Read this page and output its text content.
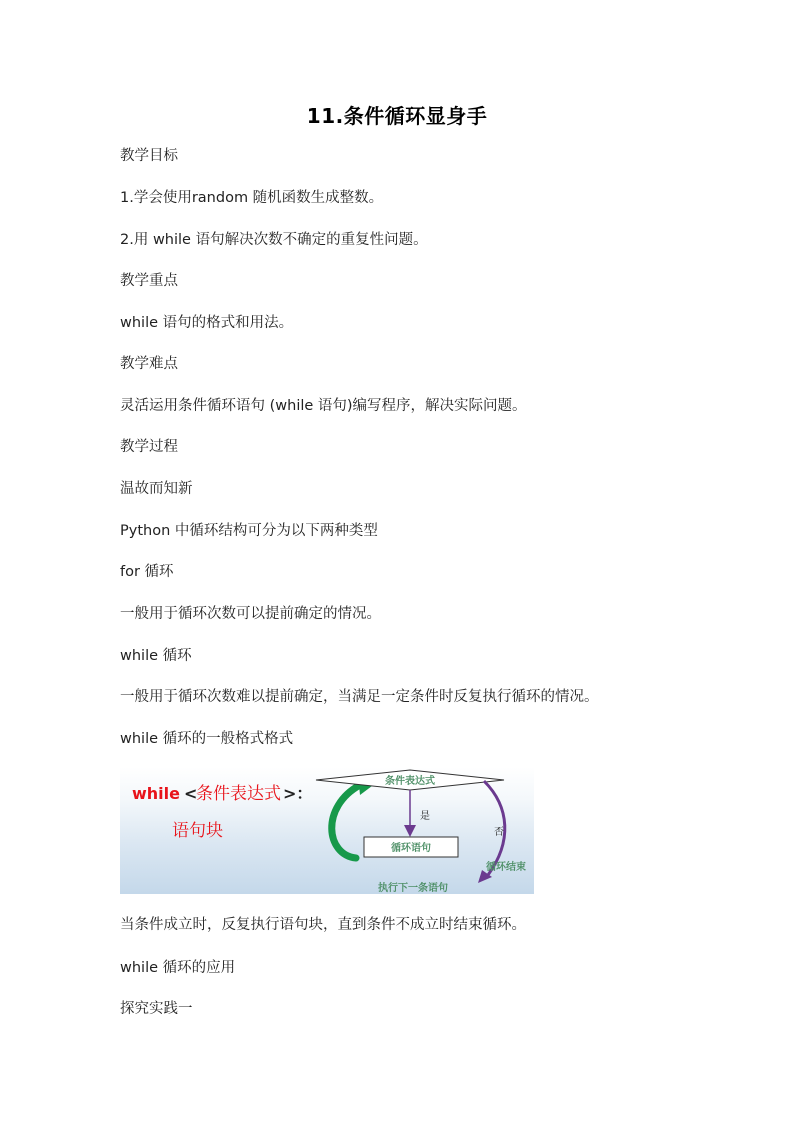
11.条件循环显身手
教学目标
1.学会使用random 随机函数生成整数。
2.用 while 语句解决次数不确定的重复性问题。
教学重点
while 语句的格式和用法。
教学难点
灵活运用条件循环语句 (while 语句)编写程序，解决实际问题。
教学过程
温故而知新
Python 中循环结构可分为以下两种类型
for 循环
一般用于循环次数可以提前确定的情况。
while 循环
一般用于循环次数难以提前确定，当满足一定条件时反复执行循环的情况。
while 循环的一般格式格式
while <
条件表达式 >：
语句块
条件表达式
是
循环语句
否
循环结束
执行下一条语句
当条件成立时，反复执行语句块，直到条件不成立时结束循环。
while 循环的应用
探究实践一
